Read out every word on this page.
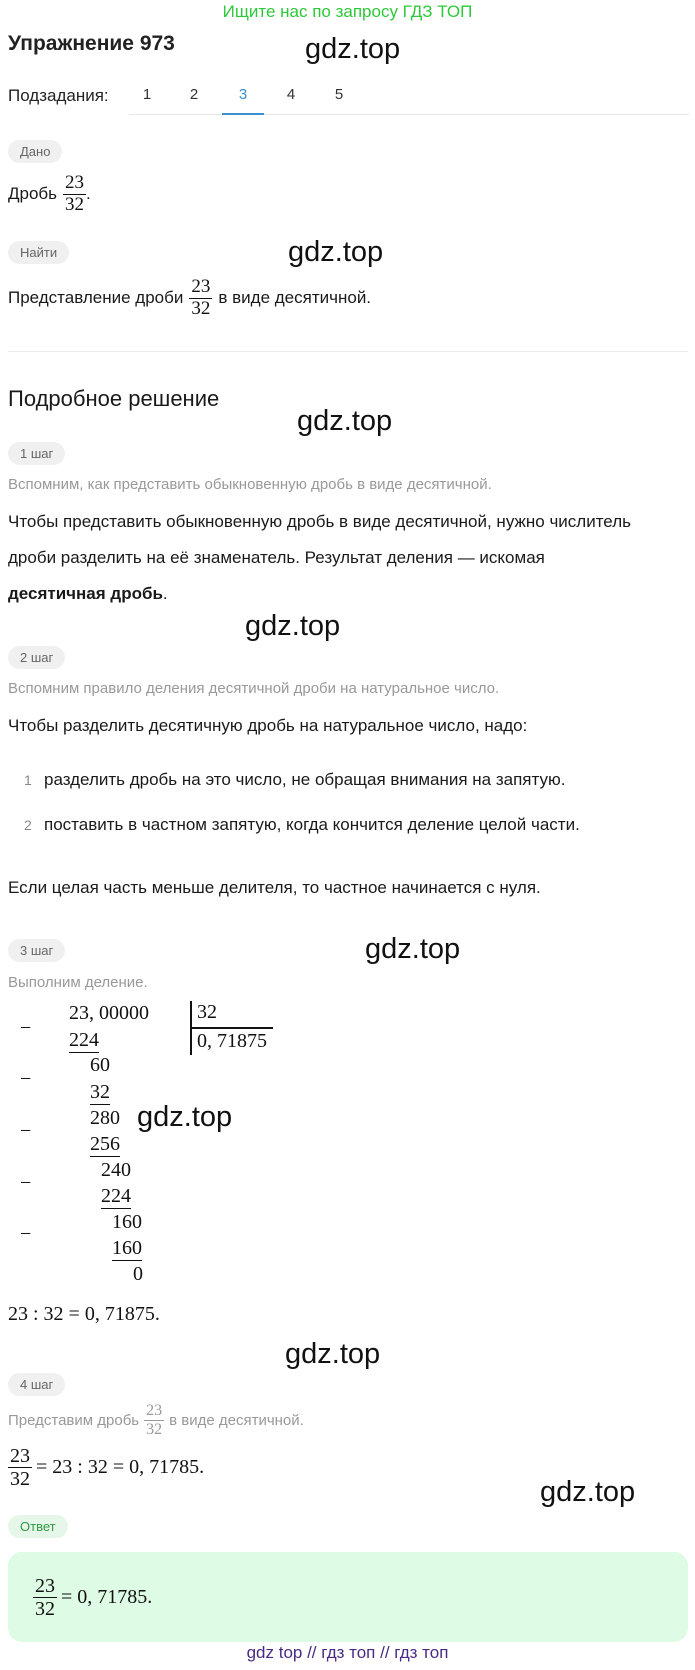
Ищите нас по запросу ГДЗ ТОП
Упражнение 973	gdz.top
Подзадания:	1	2	3	4	5
Дано
Дробь $\frac{23}{32}$ .
Найти	gdz.top
Представление дроби $\frac{23}{32}$ в виде десятичной.
Подробное решение
gdz.top
1 шаг
Вспомним, как представить обыкновенную дробь в виде десятичной.
Чтобы представить обыкновенную дробь в виде десятичной, нужно числитель
дроби разделить на её знаменатель. Результат деления — искомая
десятичная дробь.
gdz.top
2 шаг
Вспомним правило деления десятичной дроби на натуральное число.
Чтобы разделить десятичную дробь на натуральное число, надо:
1 разделить дробь на это число, не обращая внимания на запятую.
2 поставить в частном запятую, когда кончится деление целой части.
Если целая часть меньше делителя, то частное начинается с нуля.
3 шаг	gdz.top
Выполним деление.
−
23, 00000 32
0, 71875
224
−
60
32
−
280
256
gdz.top
−
240
224
−
160
160
0
23 : 32 = 0, 71875.
gdz.top
4 шаг
Представим дробь $\frac{23}{32}$ в виде десятичной.
$\frac{23}{32} = 23$ : 32 = 0, 71785.
gdz.top
Ответ
$\frac{23}{32} = 0$, 71785.
gdz top // гдз топ // гдз топ
